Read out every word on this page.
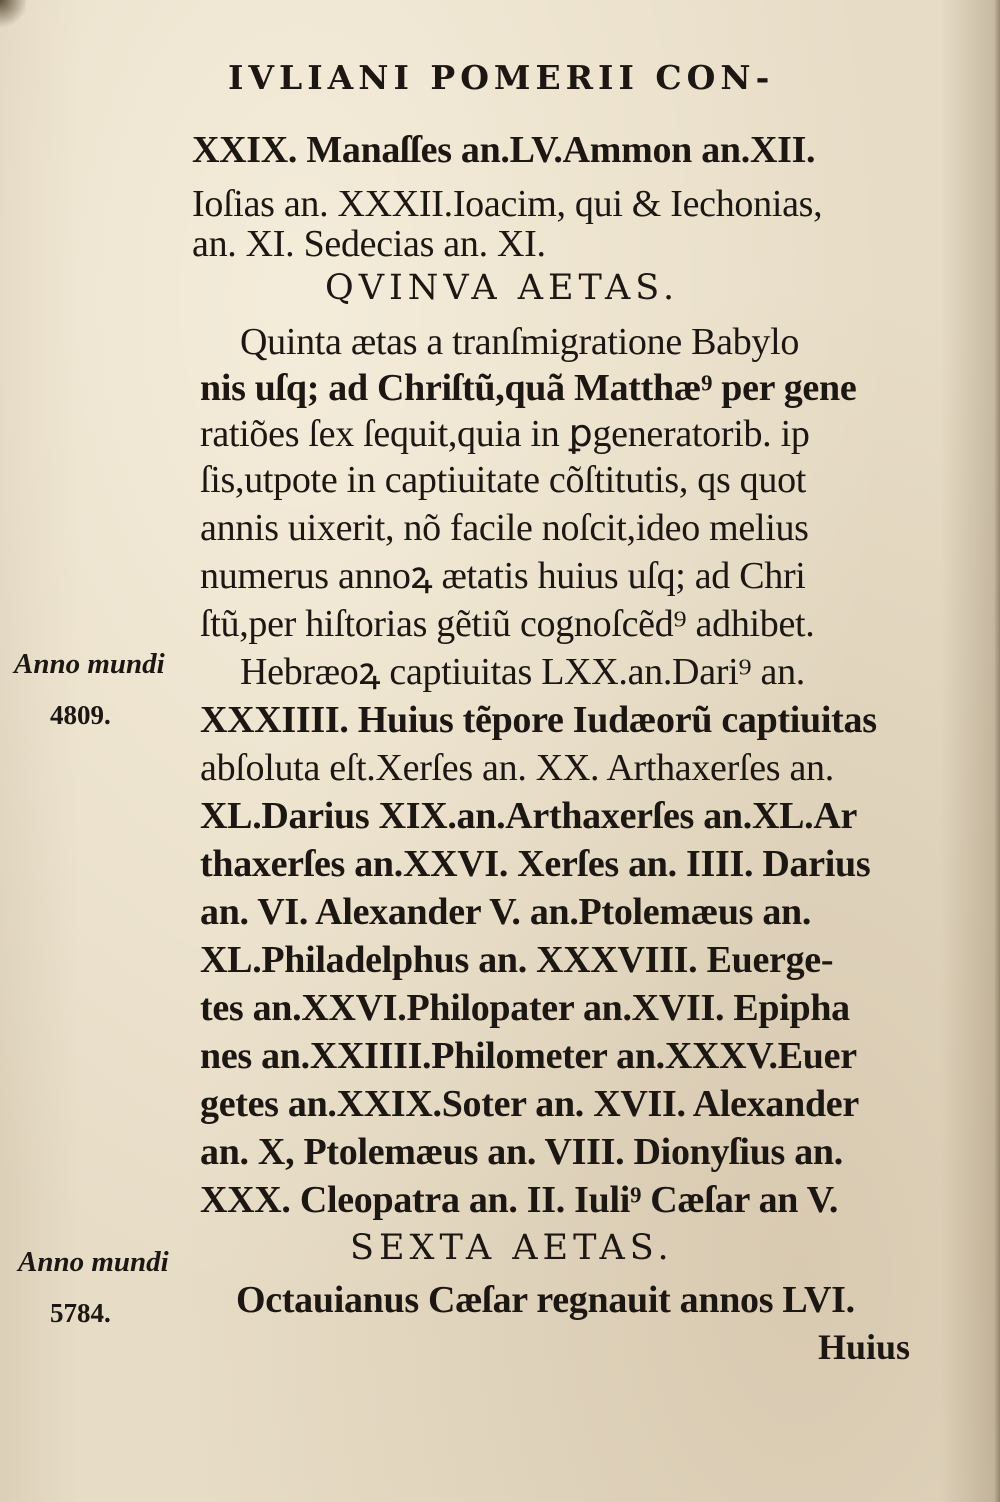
IVLIANI POMERII CON-
XXIX. Manaſſes an.LV.Ammon an.XII.
Ioſias an. XXXII.Ioacim, qui & Iechonias,
an. XI. Sedecias an. XI.
QVINVA AETAS.
Quinta ætas a tranſmigratione Babylo
nis uſq; ad Chriſtũ,quã Matthæ⁹ per gene
ratiões ſex ſequit,quia in ꝑgeneratorib. ip
ſis,utpote in captiuitate cõſtitutis, qs quot
annis uixerit, nõ facile noſcit,ideo melius
numerus annoꝝ ætatis huius uſq; ad Chri
ſtũ,per hiſtorias gẽtiũ cognoſcẽd⁹ adhibet.
Hebræoꝝ captiuitas LXX.an.Dari⁹ an.
XXXIIII. Huius tẽpore Iudæorũ captiuitas
abſoluta eſt.Xerſes an. XX. Arthaxerſes an.
XL.Darius XIX.an.Arthaxerſes an.XL.Ar
thaxerſes an.XXVI. Xerſes an. IIII. Darius
an. VI. Alexander V. an.Ptolemæus an.
XL.Philadelphus an. XXXVIII. Euerge-
tes an.XXVI.Philopater an.XVII. Epipha
nes an.XXIIII.Philometer an.XXXV.Euer
getes an.XXIX.Soter an. XVII. Alexander
an. X, Ptolemæus an. VIII. Dionyſius an.
XXX. Cleopatra an. II. Iuli⁹ Cæſar an V.
SEXTA AETAS.
Octauianus Cæſar regnauit annos LVI.
Huius
Anno mundi
4809.
Anno mundi
5784.
